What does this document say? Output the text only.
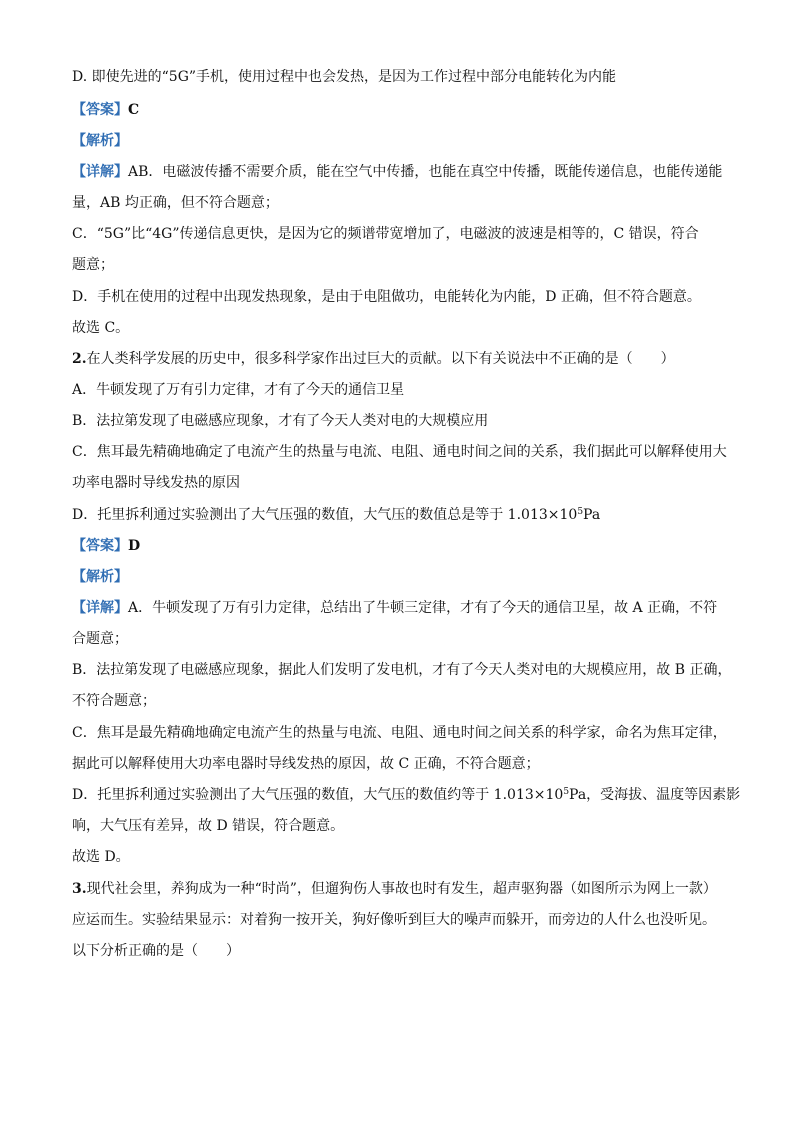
D. 即使先进的“5G”手机，使用过程中也会发热，是因为工作过程中部分电能转化为内能
【答案】C
【解析】
【详解】AB．电磁波传播不需要介质，能在空气中传播，也能在真空中传播，既能传递信息，也能传递能
量，AB 均正确，但不符合题意；
C．“5G”比“4G”传递信息更快，是因为它的频谱带宽增加了，电磁波的波速是相等的，C 错误，符合
题意；
D．手机在使用的过程中出现发热现象，是由于电阻做功，电能转化为内能，D 正确，但不符合题意。
故选 C。
2.在人类科学发展的历史中，很多科学家作出过巨大的贡献。以下有关说法中不正确的是（　　）
A．牛顿发现了万有引力定律，才有了今天的通信卫星
B．法拉第发现了电磁感应现象，才有了今天人类对电的大规模应用
C．焦耳最先精确地确定了电流产生的热量与电流、电阻、通电时间之间的关系，我们据此可以解释使用大
功率电器时导线发热的原因
D．托里拆利通过实验测出了大气压强的数值，大气压的数值总是等于 $1.013\times 10^5Pa$
【答案】D
【解析】
【详解】A．牛顿发现了万有引力定律，总结出了牛顿三定律，才有了今天的通信卫星，故 A 正确，不符
合题意；
B．法拉第发现了电磁感应现象，据此人们发明了发电机，才有了今天人类对电的大规模应用，故 B 正确，
不符合题意；
C．焦耳是最先精确地确定电流产生的热量与电流、电阻、通电时间之间关系的科学家，命名为焦耳定律，
据此可以解释使用大功率电器时导线发热的原因，故 C 正确，不符合题意；
D．托里拆利通过实验测出了大气压强的数值，大气压的数值约等于 $1.013\times 10^5Pa$，受海拔、温度等因素影
响，大气压有差异，故 D 错误，符合题意。
故选 D。
3.现代社会里，养狗成为一种“时尚”，但遛狗伤人事故也时有发生，超声驱狗器（如图所示为网上一款）
应运而生。实验结果显示：对着狗一按开关，狗好像听到巨大的噪声而躲开，而旁边的人什么也没听见。
以下分析正确的是（　　）
